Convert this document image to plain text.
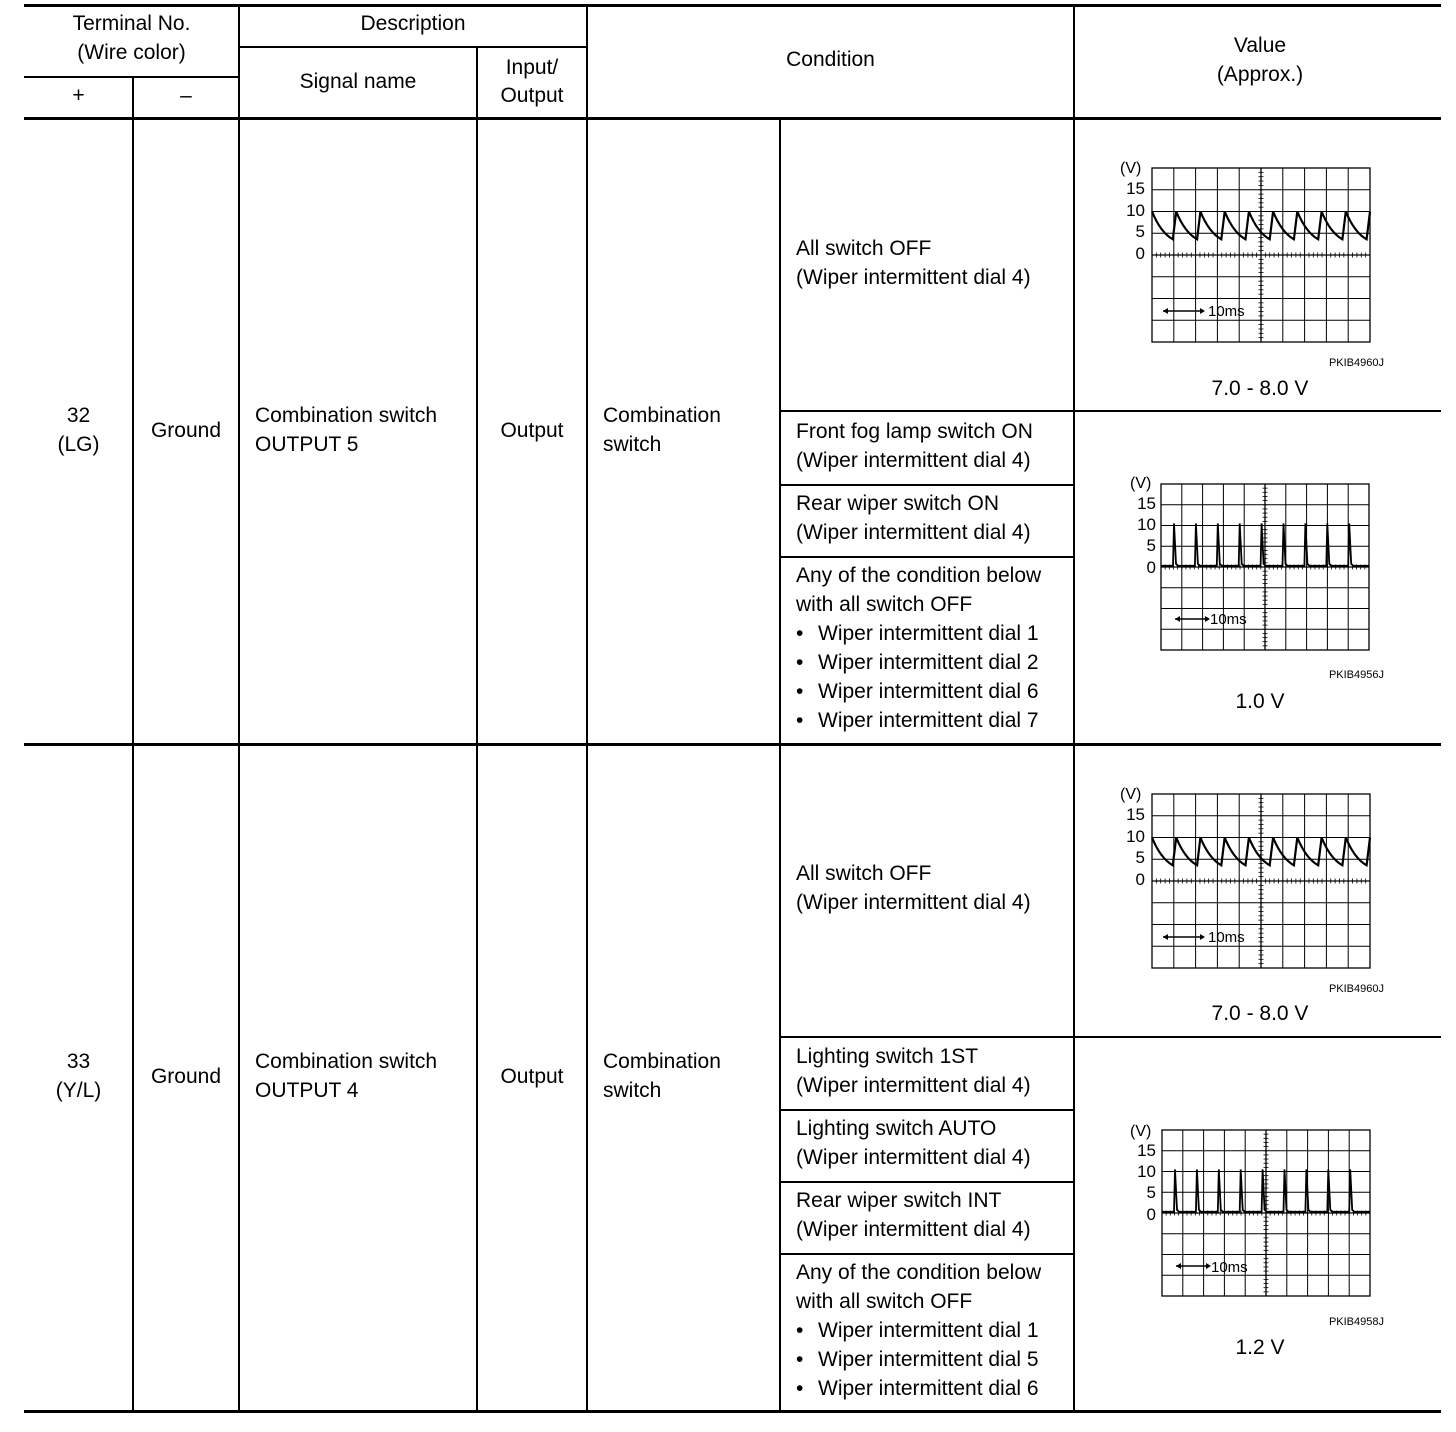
Terminal No.
(Wire color)
+	–
Description
Signal name
Input/
Output
Condition
Value
(Approx.)
32
(LG)
Ground
Combination switch
OUTPUT 5
Output
Combination
switch
All switch OFF
(Wiper intermittent dial 4)
Front fog lamp switch ON
(Wiper intermittent dial 4)
Rear wiper switch ON
(Wiper intermittent dial 4)
Any of the condition below
with all switch OFF
• Wiper intermittent dial 1
• Wiper intermittent dial 2
• Wiper intermittent dial 6
• Wiper intermittent dial 7
(V)
15
10
5
0
10ms
PKIB4960J
7.0 - 8.0 V
(V)
15
10
5
0
10ms
PKIB4956J
1.0 V
33
(Y/L)
Ground
Combination switch
OUTPUT 4
Output
Combination
switch
All switch OFF
(Wiper intermittent dial 4)
Lighting switch 1ST
(Wiper intermittent dial 4)
Lighting switch AUTO
(Wiper intermittent dial 4)
Rear wiper switch INT
(Wiper intermittent dial 4)
Any of the condition below
with all switch OFF
• Wiper intermittent dial 1
• Wiper intermittent dial 5
• Wiper intermittent dial 6
(V)
15
10
5
0
10ms
PKIB4960J
7.0 - 8.0 V
(V)
15
10
5
0
10ms
PKIB4958J
1.2 V
